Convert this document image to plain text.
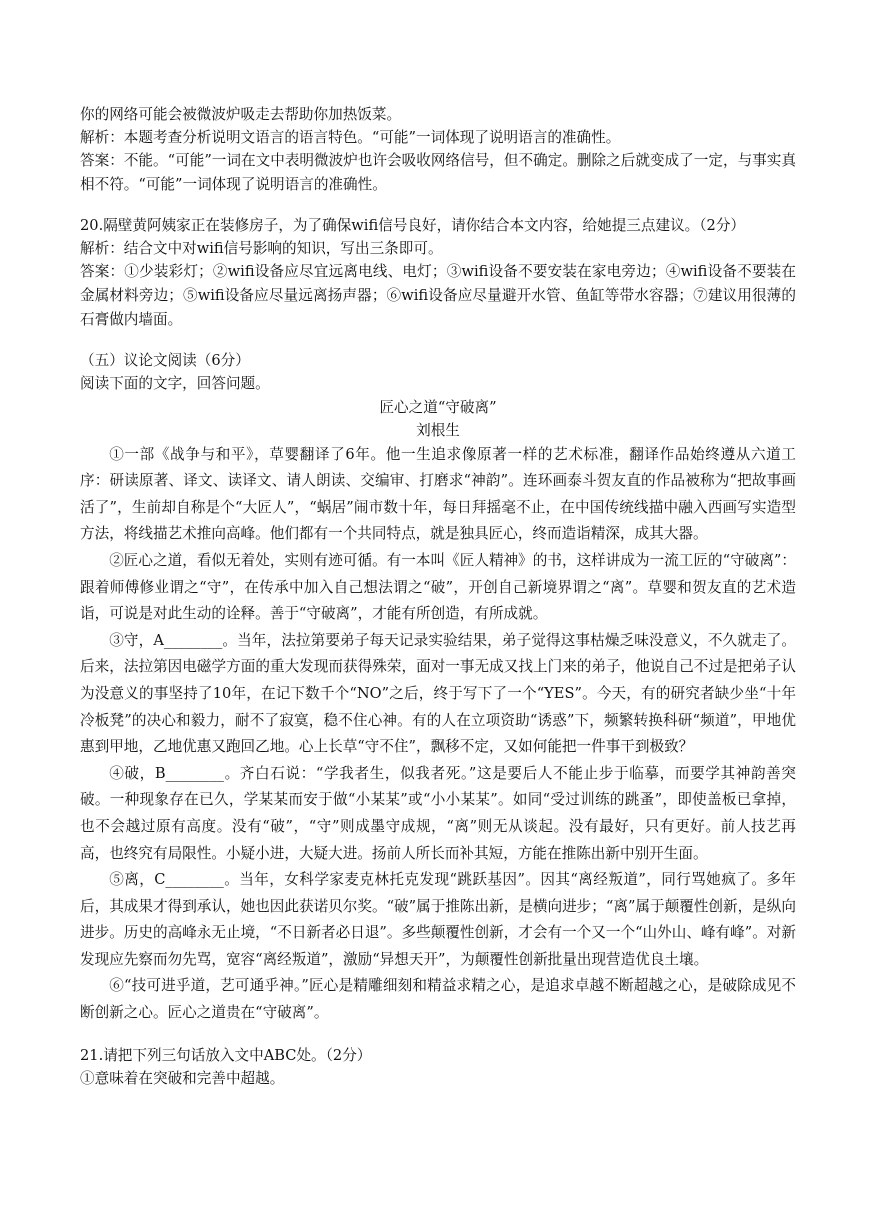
你的网络可能会被微波炉吸走去帮助你加热饭菜。
解析：本题考查分析说明文语言的语言特色。“可能”一词体现了说明语言的准确性。
答案：不能。“可能”一词在文中表明微波炉也许会吸收网络信号，但不确定。删除之后就变成了一定，与事实真相不符。“可能”一词体现了说明语言的准确性。
20.隔壁黄阿姨家正在装修房子，为了确保wifi信号良好，请你结合本文内容，给她提三点建议。（2分）
解析：结合文中对wifi信号影响的知识，写出三条即可。
答案：①少装彩灯；②wifi设备应尽宜远离电线、电灯；③wifi设备不要安装在家电旁边；④wifi设备不要装在金属材料旁边；⑤wifi设备应尽量远离扬声器；⑥wifi设备应尽量避开水管、鱼缸等带水容器；⑦建议用很薄的石膏做内墙面。
（五）议论文阅读（6分）
阅读下面的文字，回答问题。
匠心之道“守破离”
刘根生
①一部《战争与和平》，草婴翻译了6年。他一生追求像原著一样的艺术标准，翻译作品始终遵从六道工序：研读原著、译文、读译文、请人朗读、交编审、打磨求“神韵”。连环画泰斗贺友直的作品被称为“把故事画活了”，生前却自称是个“大匠人”，“蜗居”闹市数十年，每日拜摇毫不止，在中国传统线描中融入西画写实造型方法，将线描艺术推向高峰。他们都有一个共同特点，就是独具匠心，终而造诣精深，成其大器。
②匠心之道，看似无着处，实则有迹可循。有一本叫《匠人精神》的书，这样讲成为一流工匠的“守破离”：跟着师傅修业谓之“守”，在传承中加入自己想法谓之“破”，开创自己新境界谓之“离”。草婴和贺友直的艺术造诣，可说是对此生动的诠释。善于“守破离”，才能有所创造，有所成就。
③守，A________。当年，法拉第要弟子每天记录实验结果，弟子觉得这事枯燥乏味没意义，不久就走了。后来，法拉第因电磁学方面的重大发现而获得殊荣，面对一事无成又找上门来的弟子，他说自己不过是把弟子认为没意义的事坚持了10年，在记下数千个“NO”之后，终于写下了一个“YES”。今天，有的研究者缺少坐“十年冷板凳”的决心和毅力，耐不了寂寞，稳不住心神。有的人在立项资助“诱惑”下，频繁转换科研“频道”，甲地优惠到甲地，乙地优惠又跑回乙地。心上长草“守不住”，飘移不定，又如何能把一件事干到极致？
④破，B________。齐白石说：“学我者生，似我者死。”这是要后人不能止步于临摹，而要学其神韵善突破。一种现象存在已久，学某某而安于做“小某某”或“小小某某”。如同“受过训练的跳蚤”，即使盖板已拿掉，也不会越过原有高度。没有“破”，“守”则成墨守成规，“离”则无从谈起。没有最好，只有更好。前人技艺再高，也终究有局限性。小疑小进，大疑大进。扬前人所长而补其短，方能在推陈出新中别开生面。
⑤离，C________。当年，女科学家麦克林托克发现“跳跃基因”。因其“离经叛道”，同行骂她疯了。多年后，其成果才得到承认，她也因此获诺贝尔奖。“破”属于推陈出新，是横向进步；“离”属于颠覆性创新，是纵向进步。历史的高峰永无止境，“不日新者必日退”。多些颠覆性创新，才会有一个又一个“山外山、峰有峰”。对新发现应先察而勿先骂，宽容“离经叛道”，激励“异想天开”，为颠覆性创新批量出现营造优良土壤。
⑥“技可进乎道，艺可通乎神。”匠心是精雕细刻和精益求精之心，是追求卓越不断超越之心，是破除成见不断创新之心。匠心之道贵在“守破离”。
21.请把下列三句话放入文中ABC处。（2分）
①意味着在突破和完善中超越。
